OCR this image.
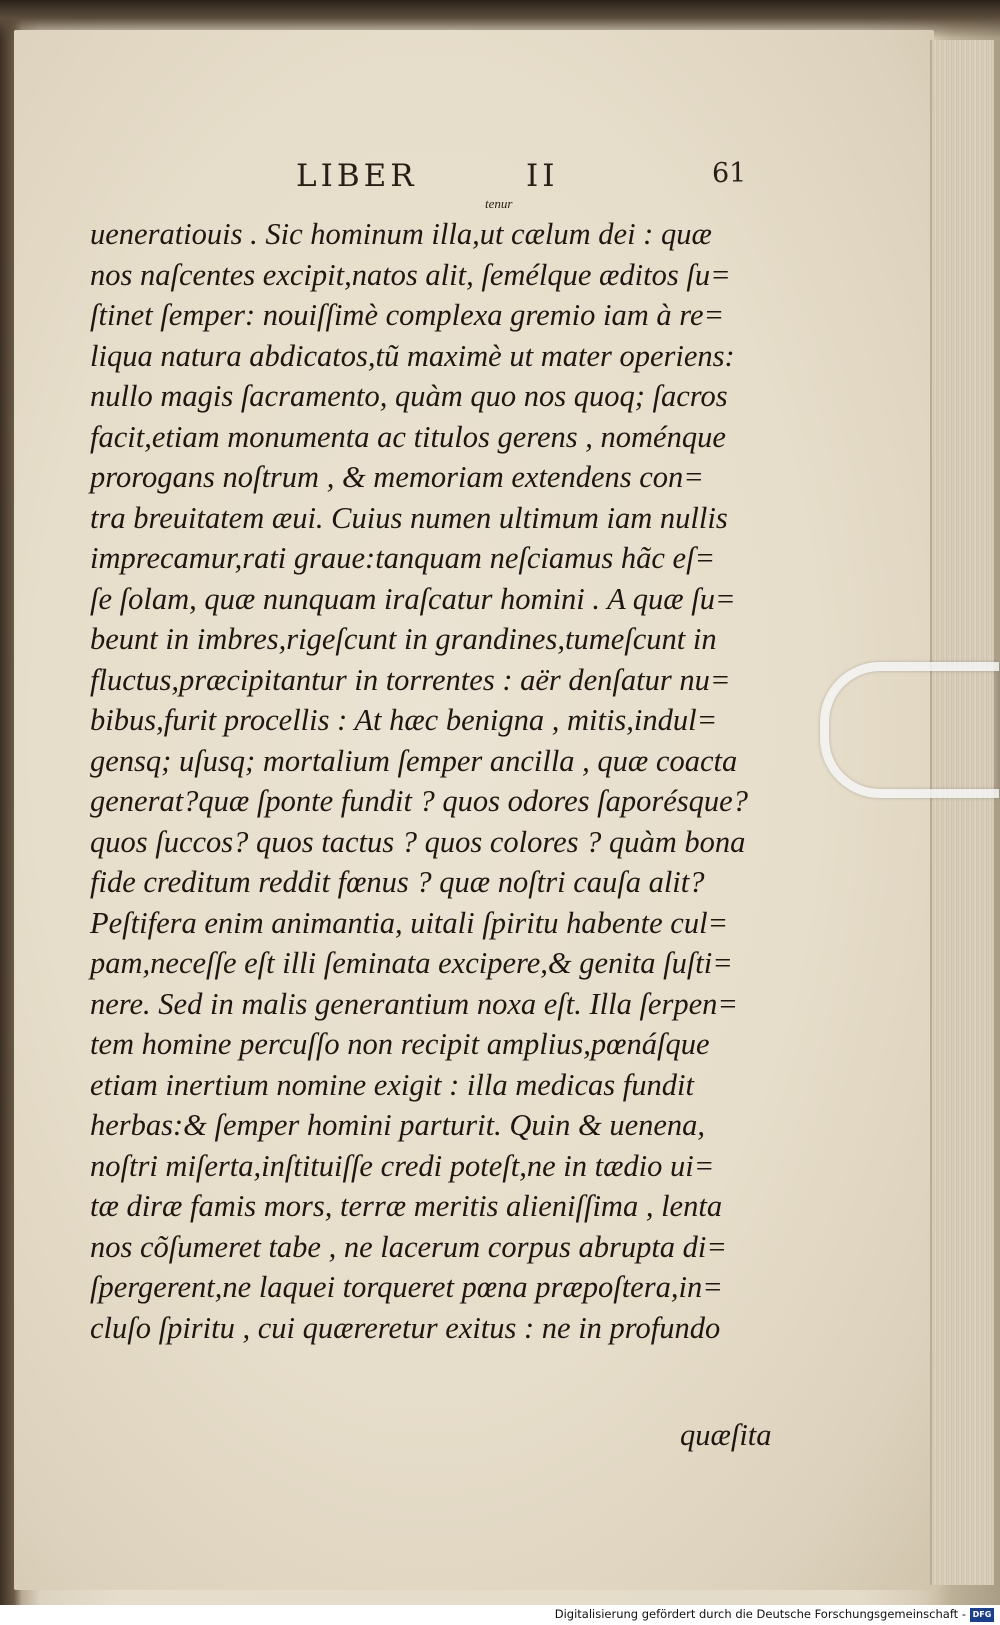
LIBER	II	61
tenur
ueneratioиis . Sic hominum illa,ut cælum dei : quæ
nos naſcentes excipit,natos alit, ſemélque æditos ſu=
ſtinet ſemper: nouiſſimè complexa gremio iam à re=
liqua natura abdicatos,tũ maximè ut mater operiens:
nullo magis ſacramento, quàm quo nos quoq; ſacros
facit,etiam monumenta ac titulos gerens , noménque
prorogans noſtrum , & memoriam extendens con=
tra breuitatem æui. Cuius numen ultimum iam nullis
imprecamur,rati graue:tanquam neſciamus hãc eſ=
ſe ſolam, quæ nunquam iraſcatur homini . A quæ ſu=
beunt in imbres,rigeſcunt in grandines,tumeſcunt in
fluctus,præcipitantur in torrentes : aër denſatur nu=
bibus,furit procellis : At hæc benigna , mitis,indul=
gensq; uſusq; mortalium ſemper ancilla , quæ coacta
generat?quæ ſponte fundit ? quos odores ſaporésque?
quos ſuccos? quos tactus ? quos colores ? quàm bona
fide creditum reddit fœnus ? quæ noſtri cauſa alit?
Peſtifera enim animantia, uitali ſpiritu habente cul=
pam,neceſſe eſt illi ſeminata excipere,& genita ſuſti=
nere. Sed in malis generantium noxa eſt. Illa ſerpen=
tem homine percuſſo non recipit amplius,pœnáſque
etiam inertium nomine exigit : illa medicas fundit
herbas:& ſemper homini parturit. Quin & uenena,
noſtri miſerta,inſtituiſſe credi poteſt,ne in tædio ui=
tæ diræ famis mors, terræ meritis alieniſſima , lenta
nos cõſumeret tabe , ne lacerum corpus abrupta di=
ſpergerent,ne laquei torqueret pœna præpoſtera,in=
cluſo ſpiritu , cui quæreretur exitus : ne in profundo
quæſita
Digitalisierung gefördert durch die Deutsche Forschungsgemeinschaft - DFG
